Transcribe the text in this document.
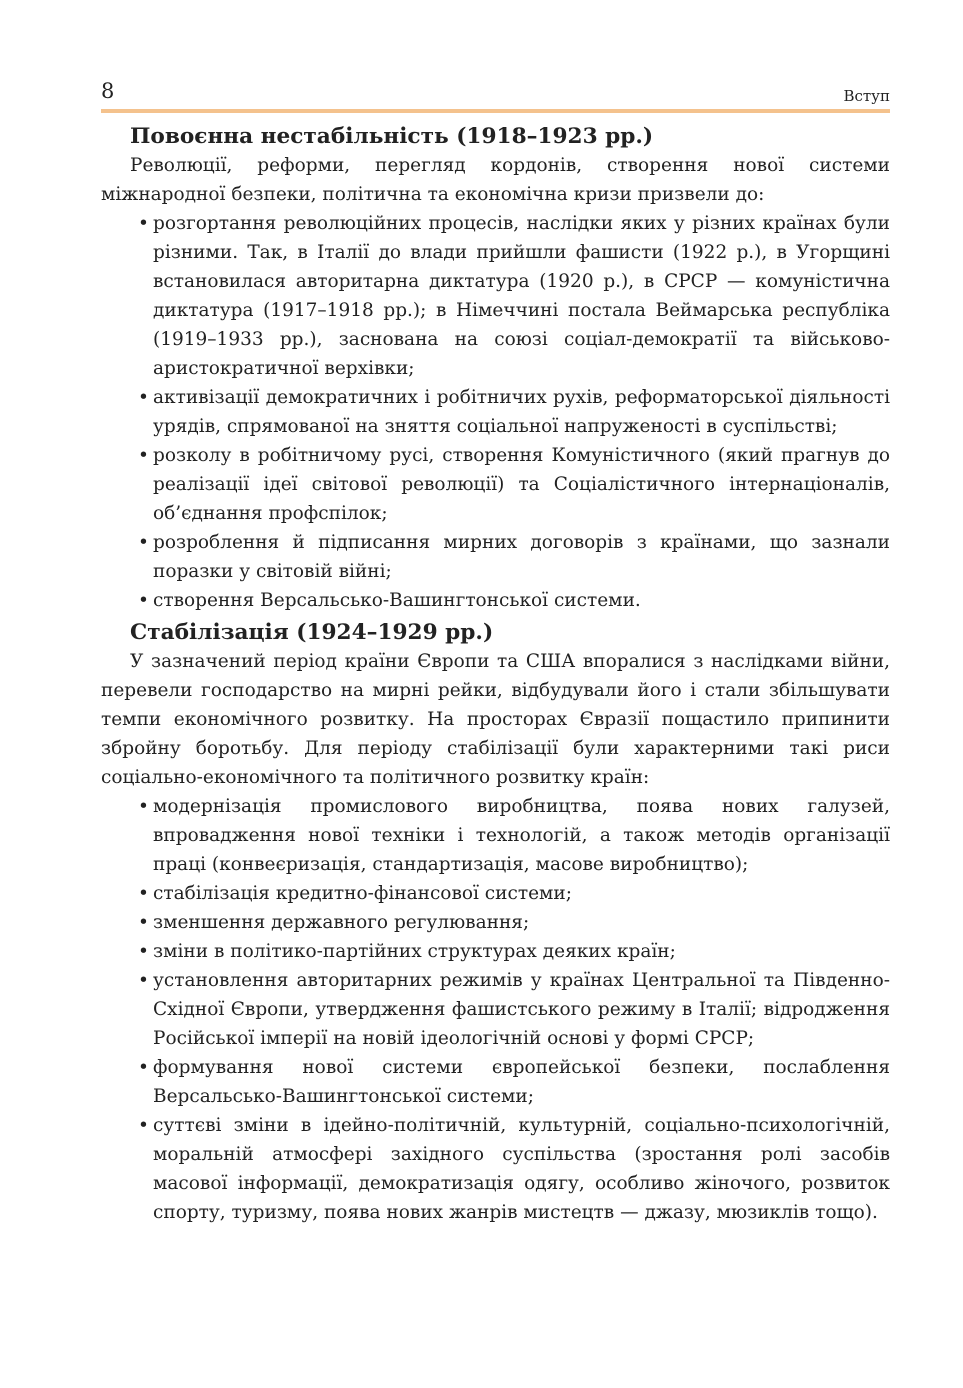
8	Вступ
Повоєнна нестабільність (1918–1923 рр.)

Революції, реформи, перегляд кордонів, створення нової системи міжнародної безпеки, політична та економічна кризи призвели до:

• розгортання революційних процесів, наслідки яких у різних країнах були різними. Так, в Італії до влади прийшли фашисти (1922 р.), в Угорщині встановилася авторитарна диктатура (1920 р.), в СРСР — комуністична диктатура (1917–1918 рр.); в Німеччині постала Веймарська республіка (1919–1933 рр.), заснована на союзі соціал-демократії та військово-аристократичної верхівки;
• активізації демократичних і робітничих рухів, реформаторської діяльності урядів, спрямованої на зняття соціальної напруженості в суспільстві;
• розколу в робітничому русі, створення Комуністичного (який прагнув до реалізації ідеї світової революції) та Соціалістичного інтернаціоналів, об’єднання профспілок;
• розроблення й підписання мирних договорів з країнами, що зазнали поразки у світовій війні;
• створення Версальсько-Вашингтонської системи.
Стабілізація (1924–1929 рр.)

У зазначений період країни Європи та США впоралися з наслідками війни, перевели господарство на мирні рейки, відбудували його і стали збільшувати темпи економічного розвитку. На просторах Євразії пощастило припинити збройну боротьбу. Для періоду стабілізації були характерними такі риси соціально-економічного та політичного розвитку країн:

• модернізація промислового виробництва, поява нових галузей, впровадження нової техніки і технологій, а також методів організації праці (конвеєризація, стандартизація, масове виробництво);
• стабілізація кредитно-фінансової системи;
• зменшення державного регулювання;
• зміни в політико-партійних структурах деяких країн;
• установлення авторитарних режимів у країнах Центральної та Південно-Східної Європи, утвердження фашистського режиму в Італії; відродження Російської імперії на новій ідеологічній основі у формі СРСР;
• формування нової системи європейської безпеки, послаблення Версальсько-Вашингтонської системи;
• суттєві зміни в ідейно-політичній, культурній, соціально-психологічній, моральній атмосфері західного суспільства (зростання ролі засобів масової інформації, демократизація одягу, особливо жіночого, розвиток спорту, туризму, поява нових жанрів мистецтв — джазу, мюзиклів тощо).
